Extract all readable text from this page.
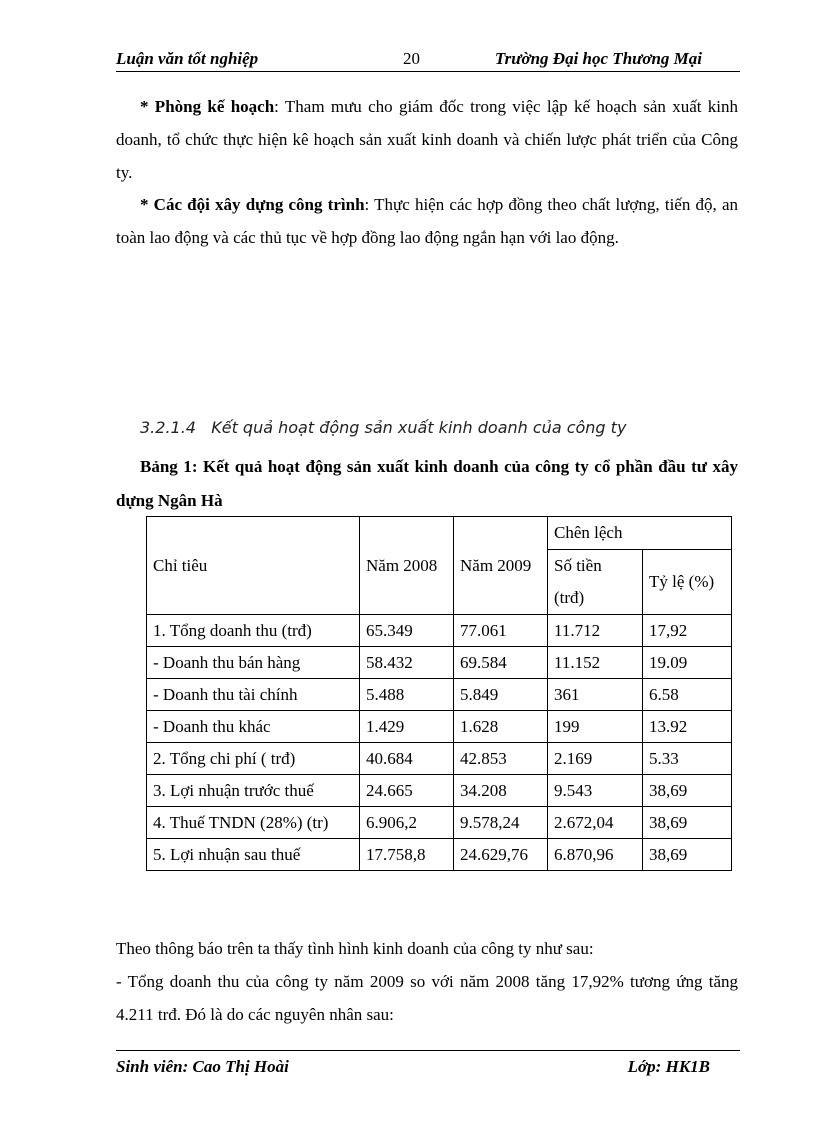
Luận văn tốt nghiệp	20	Trường Đại học Thương Mại

* Phòng kế hoạch: Tham mưu cho giám đốc trong việc lập kế hoạch sản xuất kinh doanh, tổ chức thực hiện kê hoạch sản xuất kinh doanh và chiến lược phát triển của Công ty.

* Các đội xây dựng công trình: Thực hiện các hợp đồng theo chất lượng, tiến độ, an toàn lao động và các thủ tục về hợp đồng lao động ngắn hạn với lao động.

3.2.1.4   Kết quả hoạt động sản xuất kinh doanh của công ty

Bảng 1: Kết quả hoạt động sản xuất kinh doanh của công ty cổ phần đầu tư xây dựng Ngân Hà

Chỉ tiêu	Năm 2008	Năm 2009	Chên lệch	
			Số tiền (trđ)	Tỷ lệ (%)
1. Tổng doanh thu (trđ)	65.349	77.061	11.712	17,92
- Doanh thu bán hàng	58.432	69.584	11.152	19.09
- Doanh thu tài chính	5.488	5.849	361	6.58
- Doanh thu khác	1.429	1.628	199	13.92
2. Tổng chi phí ( trđ)	40.684	42.853	2.169	5.33
3. Lợi nhuận trước thuế	24.665	34.208	9.543	38,69
4. Thuế TNDN (28%) (tr)	6.906,2	9.578,24	2.672,04	38,69
5. Lợi nhuận sau thuế	17.758,8	24.629,76	6.870,96	38,69

Theo thông báo trên ta thấy tình hình kinh doanh của công ty như sau:

- Tổng doanh thu của công ty năm 2009 so với năm 2008 tăng 17,92% tương ứng tăng 4.211 trđ. Đó là do các nguyên nhân sau:

Sinh viên: Cao Thị Hoài	Lớp: HK1B
